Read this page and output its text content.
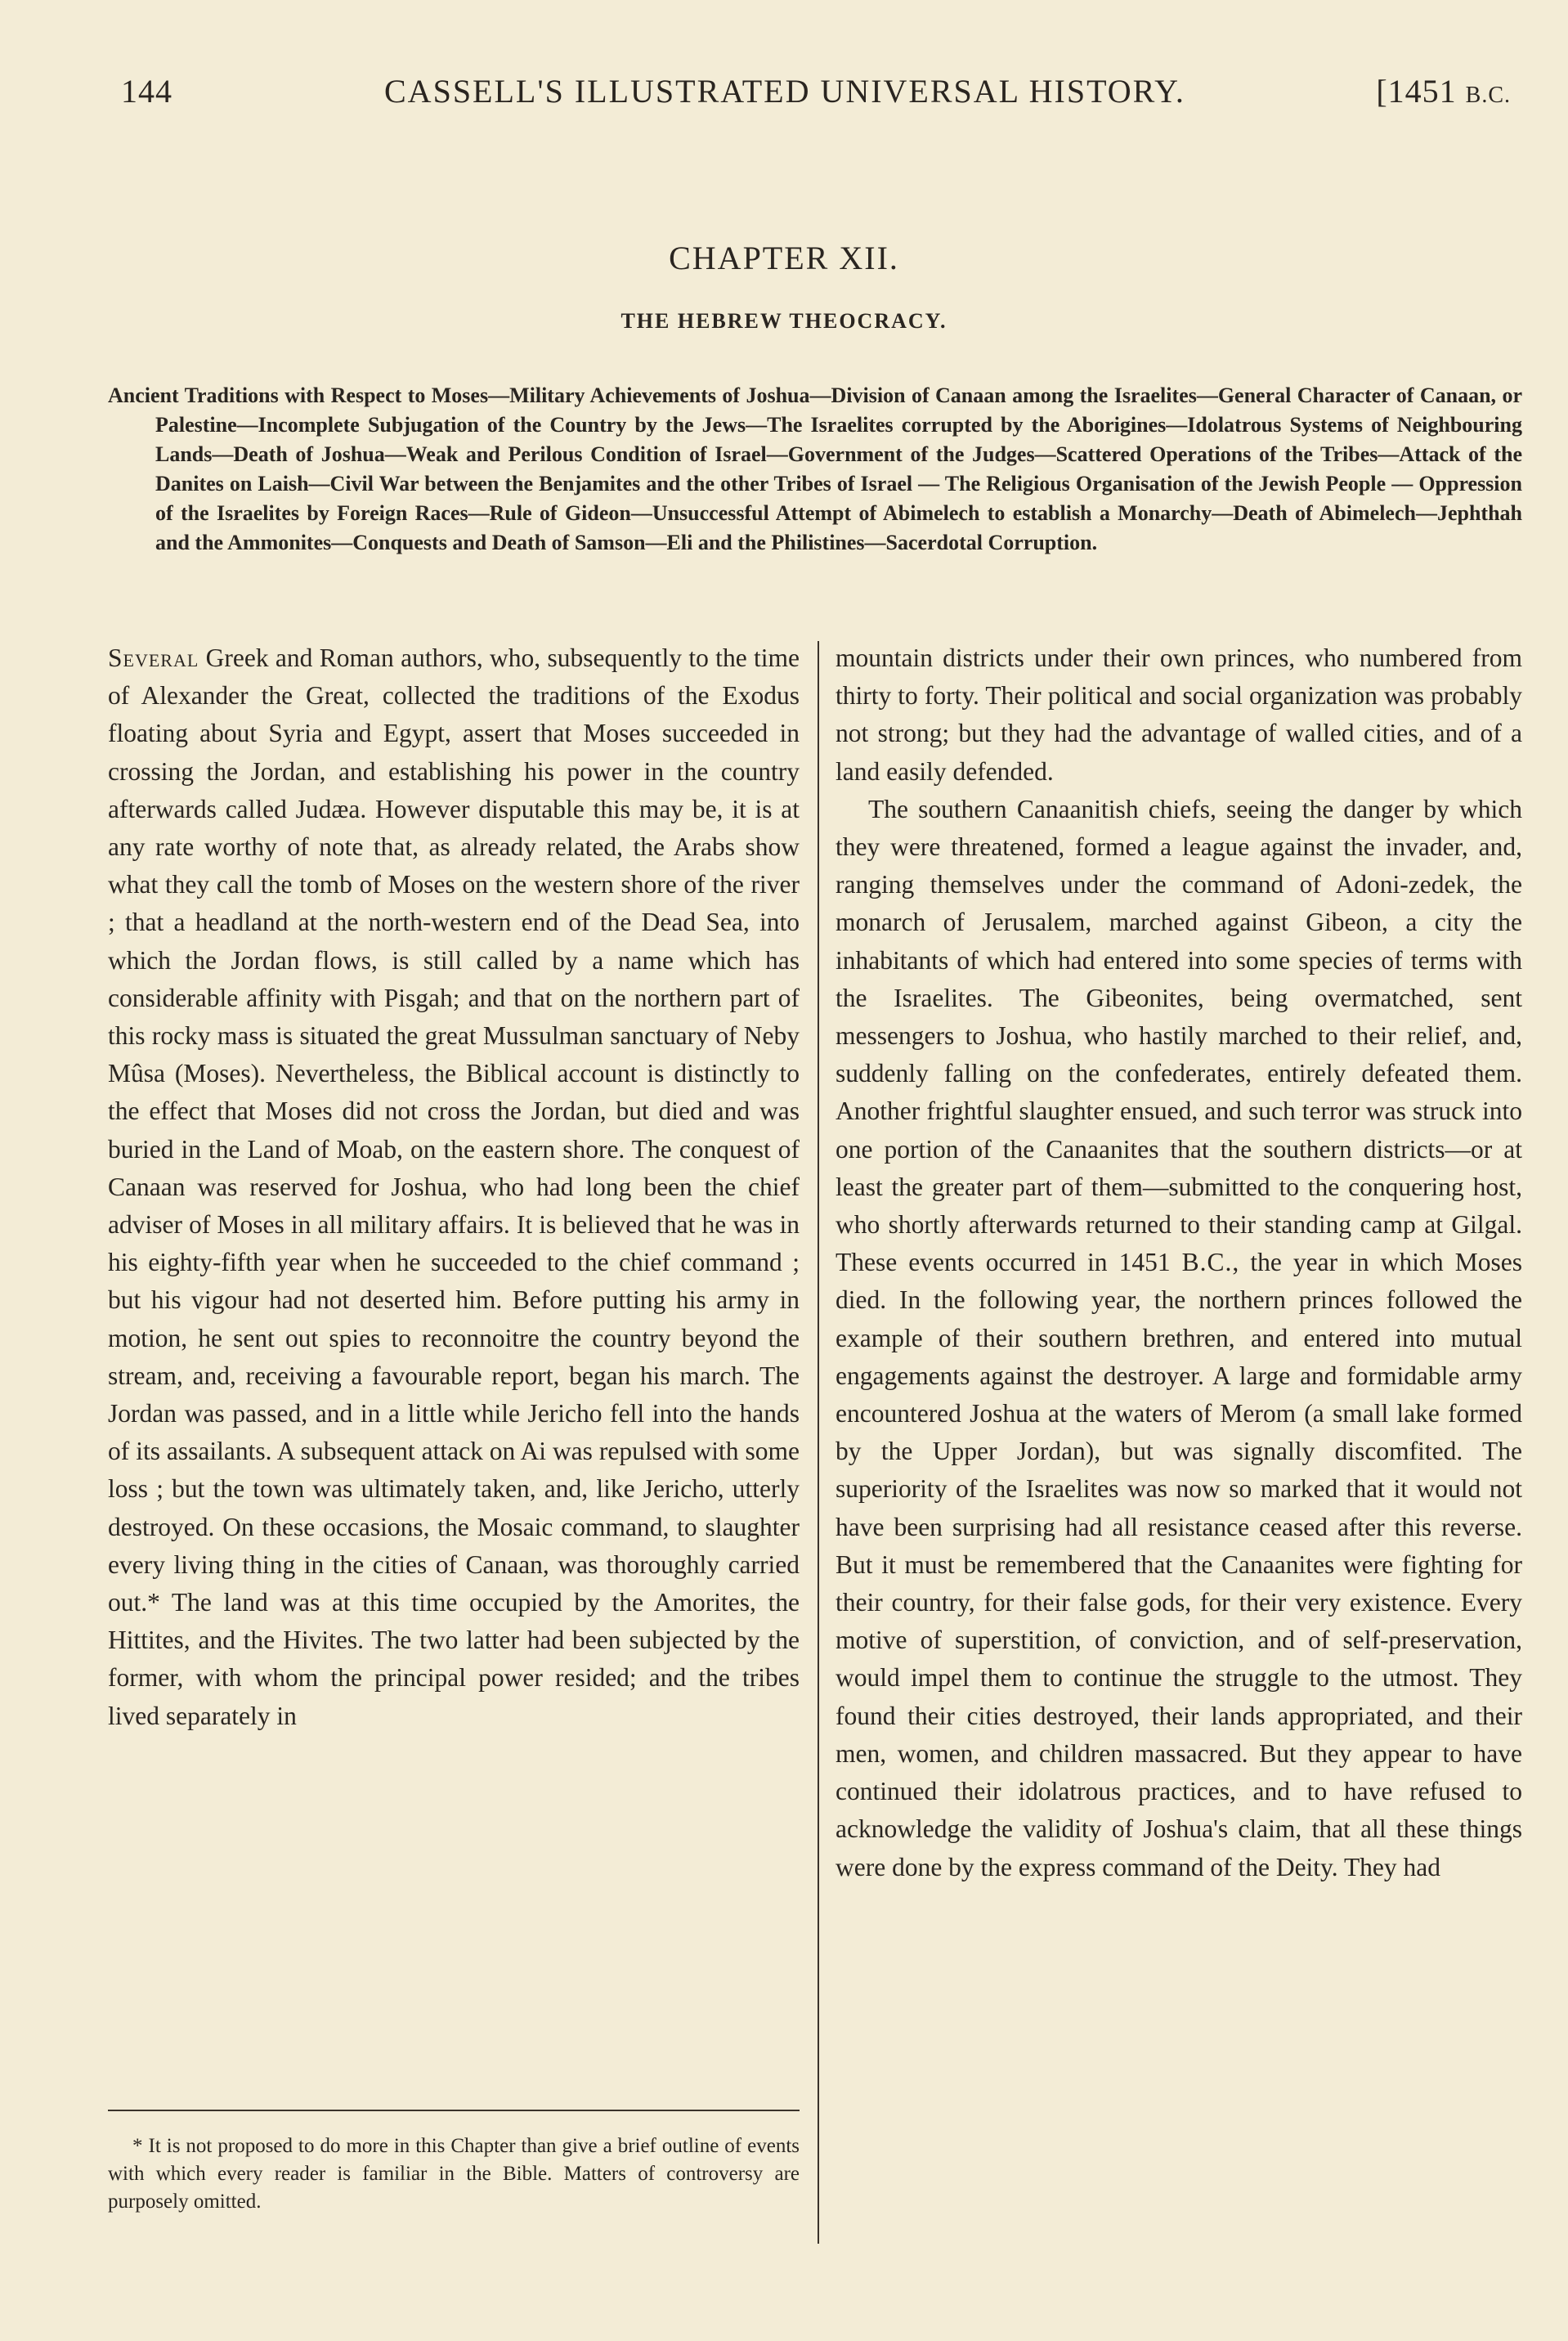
144	CASSELL'S ILLUSTRATED UNIVERSAL HISTORY.	[1451 B.C.
CHAPTER XII.
THE HEBREW THEOCRACY.
Ancient Traditions with Respect to Moses—Military Achievements of Joshua—Division of Canaan among the Israelites—General Character of Canaan, or Palestine—Incomplete Subjugation of the Country by the Jews—The Israelites corrupted by the Aborigines—Idolatrous Systems of Neighbouring Lands—Death of Joshua—Weak and Perilous Condition of Israel—Government of the Judges—Scattered Operations of the Tribes—Attack of the Danites on Laish—Civil War between the Benjamites and the other Tribes of Israel — The Religious Organisation of the Jewish People — Oppression of the Israelites by Foreign Races—Rule of Gideon—Unsuccessful Attempt of Abimelech to establish a Monarchy—Death of Abimelech—Jephthah and the Ammonites—Conquests and Death of Samson—Eli and the Philistines—Sacerdotal Corruption.

Several Greek and Roman authors, who, subsequently to the time of Alexander the Great, collected the traditions of the Exodus floating about Syria and Egypt, assert that Moses succeeded in crossing the Jordan, and establishing his power in the country afterwards called Judæa. However disputable this may be, it is at any rate worthy of note that, as already related, the Arabs show what they call the tomb of Moses on the western shore of the river ; that a headland at the north-western end of the Dead Sea, into which the Jordan flows, is still called by a name which has considerable affinity with Pisgah; and that on the northern part of this rocky mass is situated the great Mussulman sanctuary of Neby Mûsa (Moses). Nevertheless, the Biblical account is distinctly to the effect that Moses did not cross the Jordan, but died and was buried in the Land of Moab, on the eastern shore. The conquest of Canaan was reserved for Joshua, who had long been the chief adviser of Moses in all military affairs. It is believed that he was in his eighty-fifth year when he succeeded to the chief command ; but his vigour had not deserted him. Before putting his army in motion, he sent out spies to reconnoitre the country beyond the stream, and, receiving a favourable report, began his march. The Jordan was passed, and in a little while Jericho fell into the hands of its assailants. A subsequent attack on Ai was repulsed with some loss ; but the town was ultimately taken, and, like Jericho, utterly destroyed. On these occasions, the Mosaic command, to slaughter every living thing in the cities of Canaan, was thoroughly carried out.* The land was at this time occupied by the Amorites, the Hittites, and the Hivites. The two latter had been subjected by the former, with whom the principal power resided; and the tribes lived separately in

mountain districts under their own princes, who numbered from thirty to forty. Their political and social organization was probably not strong; but they had the advantage of walled cities, and of a land easily defended.

The southern Canaanitish chiefs, seeing the danger by which they were threatened, formed a league against the invader, and, ranging themselves under the command of Adoni-zedek, the monarch of Jerusalem, marched against Gibeon, a city the inhabitants of which had entered into some species of terms with the Israelites. The Gibeonites, being overmatched, sent messengers to Joshua, who hastily marched to their relief, and, suddenly falling on the confederates, entirely defeated them. Another frightful slaughter ensued, and such terror was struck into one portion of the Canaanites that the southern districts—or at least the greater part of them—submitted to the conquering host, who shortly afterwards returned to their standing camp at Gilgal. These events occurred in 1451 B.C., the year in which Moses died. In the following year, the northern princes followed the example of their southern brethren, and entered into mutual engagements against the destroyer. A large and formidable army encountered Joshua at the waters of Merom (a small lake formed by the Upper Jordan), but was signally discomfited. The superiority of the Israelites was now so marked that it would not have been surprising had all resistance ceased after this reverse. But it must be remembered that the Canaanites were fighting for their country, for their false gods, for their very existence. Every motive of superstition, of conviction, and of self-preservation, would impel them to continue the struggle to the utmost. They found their cities destroyed, their lands appropriated, and their men, women, and children massacred. But they appear to have continued their idolatrous practices, and to have refused to acknowledge the validity of Joshua's claim, that all these things were done by the express command of the Deity. They had

* It is not proposed to do more in this Chapter than give a brief outline of events with which every reader is familiar in the Bible. Matters of controversy are purposely omitted.
